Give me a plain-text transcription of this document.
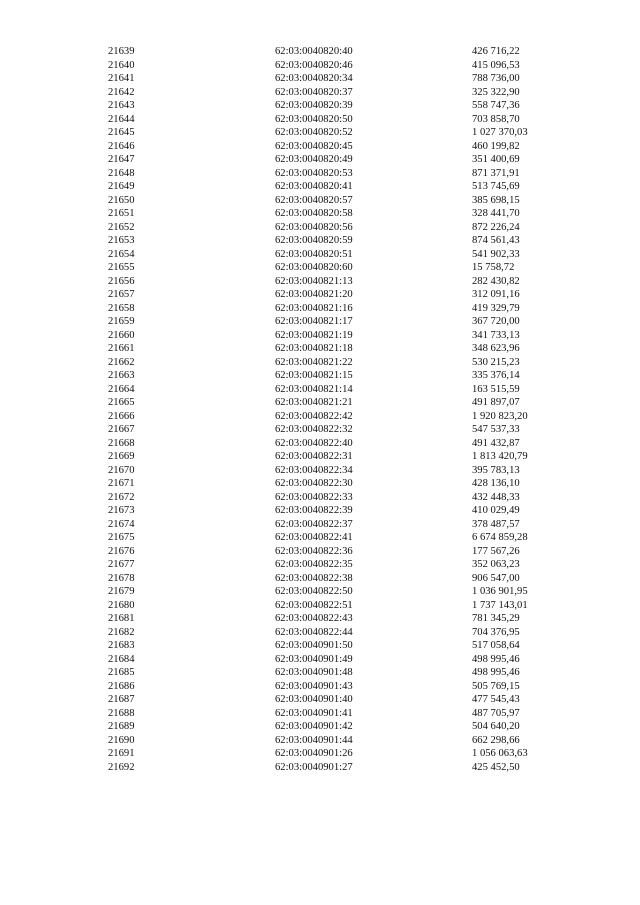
	21639	62:03:0040820:40	426 716,22
	21640	62:03:0040820:46	415 096,53
	21641	62:03:0040820:34	788 736,00
	21642	62:03:0040820:37	325 322,90
	21643	62:03:0040820:39	558 747,36
	21644	62:03:0040820:50	703 858,70
	21645	62:03:0040820:52	1 027 370,03
	21646	62:03:0040820:45	460 199,82
	21647	62:03:0040820:49	351 400,69
	21648	62:03:0040820:53	871 371,91
	21649	62:03:0040820:41	513 745,69
	21650	62:03:0040820:57	385 698,15
	21651	62:03:0040820:58	328 441,70
	21652	62:03:0040820:56	872 226,24
	21653	62:03:0040820:59	874 561,43
	21654	62:03:0040820:51	541 902,33
	21655	62:03:0040820:60	15 758,72
	21656	62:03:0040821:13	282 430,82
	21657	62:03:0040821:20	312 091,16
	21658	62:03:0040821:16	419 329,79
	21659	62:03:0040821:17	367 720,00
	21660	62:03:0040821:19	341 733,13
	21661	62:03:0040821:18	348 623,96
	21662	62:03:0040821:22	530 215,23
	21663	62:03:0040821:15	335 376,14
	21664	62:03:0040821:14	163 515,59
	21665	62:03:0040821:21	491 897,07
	21666	62:03:0040822:42	1 920 823,20
	21667	62:03:0040822:32	547 537,33
	21668	62:03:0040822:40	491 432,87
	21669	62:03:0040822:31	1 813 420,79
	21670	62:03:0040822:34	395 783,13
	21671	62:03:0040822:30	428 136,10
	21672	62:03:0040822:33	432 448,33
	21673	62:03:0040822:39	410 029,49
	21674	62:03:0040822:37	378 487,57
	21675	62:03:0040822:41	6 674 859,28
	21676	62:03:0040822:36	177 567,26
	21677	62:03:0040822:35	352 063,23
	21678	62:03:0040822:38	906 547,00
	21679	62:03:0040822:50	1 036 901,95
	21680	62:03:0040822:51	1 737 143,01
	21681	62:03:0040822:43	781 345,29
	21682	62:03:0040822:44	704 376,95
	21683	62:03:0040901:50	517 058,64
	21684	62:03:0040901:49	498 995,46
	21685	62:03:0040901:48	498 995,46
	21686	62:03:0040901:43	505 769,15
	21687	62:03:0040901:40	477 545,43
	21688	62:03:0040901:41	487 705,97
	21689	62:03:0040901:42	504 640,20
	21690	62:03:0040901:44	662 298,66
	21691	62:03:0040901:26	1 056 063,63
	21692	62:03:0040901:27	425 452,50
